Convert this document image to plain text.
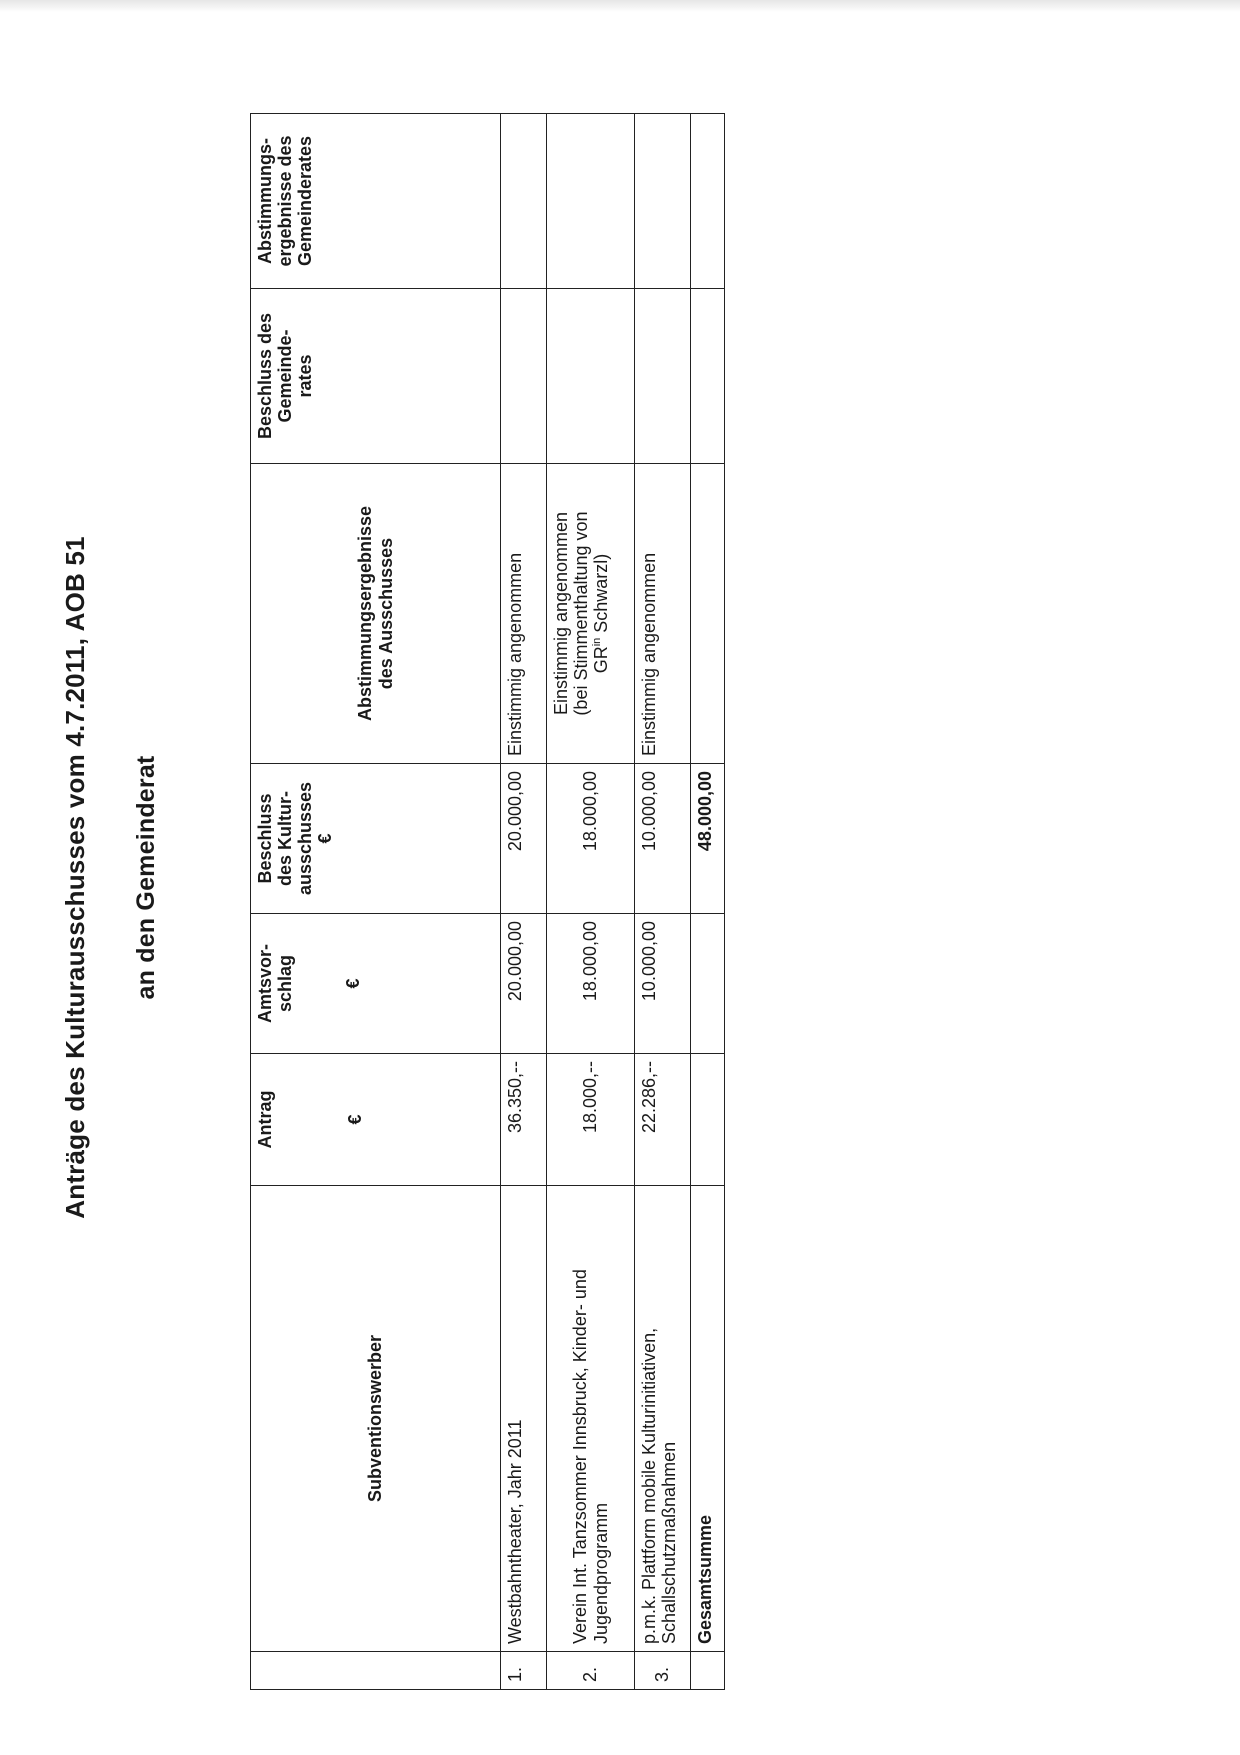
Anträge des Kulturausschusses vom 4.7.2011, AOB 51 an den Gemeinderat
	Subventionswerber	Antrag €	Amtsvor- schlag €	Beschluss des Kultur- ausschusses €	Abstimmungsergebnisse des Ausschusses	Beschluss des Gemeinde- rates	Abstimmungs- ergebnisse des Gemeinderates

1.	Westbahntheater, Jahr 2011	36.350,--	20.000,00	20.000,00	Einstimmig angenommen		
2.	Verein Int. Tanzsommer Innsbruck, Kinder- und Jugendprogramm	18.000,--	18.000,00	18.000,00	Einstimmig angenommen (bei Stimmenthaltung von $GR^{in}$ Schwarzl)		

3.	p.m.k. Plattform mobile Kulturinitiativen, Schallschutzmaßnahmen	22.286,--	10.000,00	10.000,00	Einstimmig angenommen		
	Gesamtsumme			48.000,00			
